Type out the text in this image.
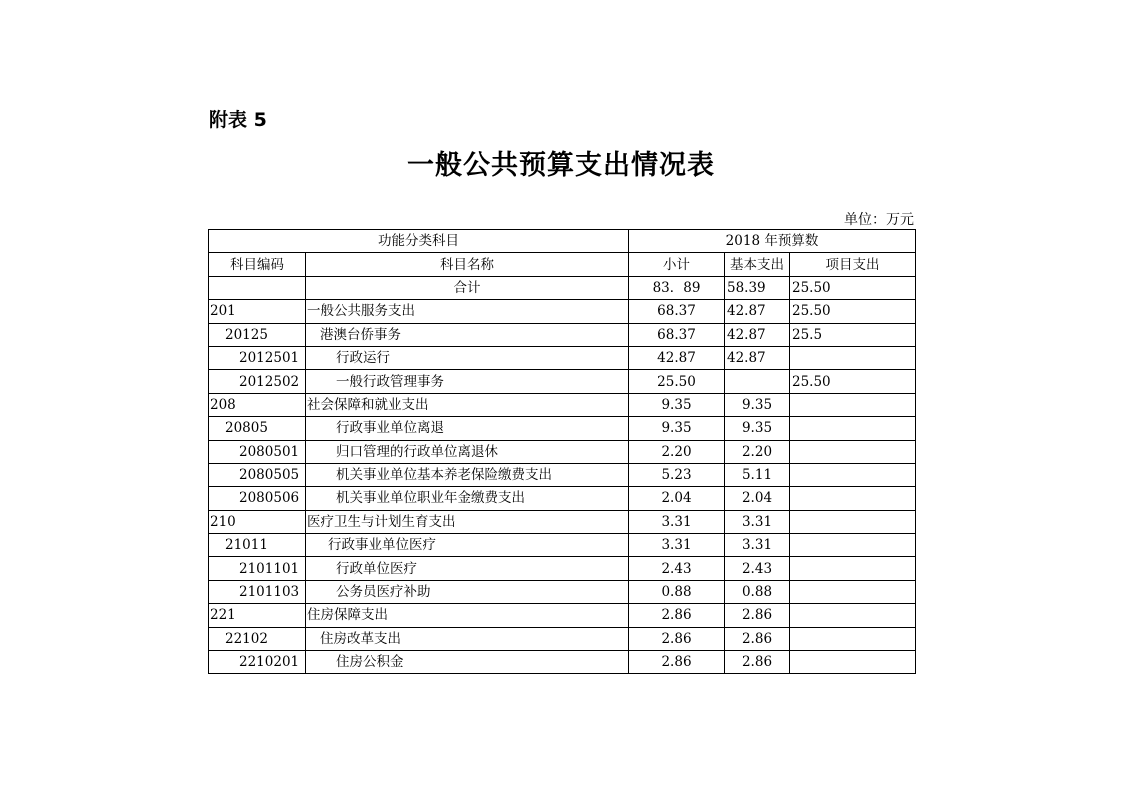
附表 5
一般公共预算支出情况表
单位：万元
功能分类科目		2018 年预算数		
科目编码	科目名称	小计	基本支出	项目支出
	合计	83．89	58.39	25.50
201	一般公共服务支出	68.37	42.87	25.50
20125	港澳台侨事务	68.37	42.87	25.5
2012501	行政运行	42.87	42.87	
2012502	一般行政管理事务	25.50		25.50
208	社会保障和就业支出	9.35	9.35	
20805	行政事业单位离退	9.35	9.35	
2080501	归口管理的行政单位离退休	2.20	2.20	
2080505	机关事业单位基本养老保险缴费支出	5.23	5.11	
2080506	机关事业单位职业年金缴费支出	2.04	2.04	
210	医疗卫生与计划生育支出	3.31	3.31	
21011	行政事业单位医疗	3.31	3.31	
2101101	行政单位医疗	2.43	2.43	
2101103	公务员医疗补助	0.88	0.88	
221	住房保障支出	2.86	2.86	
22102	住房改革支出	2.86	2.86	
2210201	住房公积金	2.86	2.86	
